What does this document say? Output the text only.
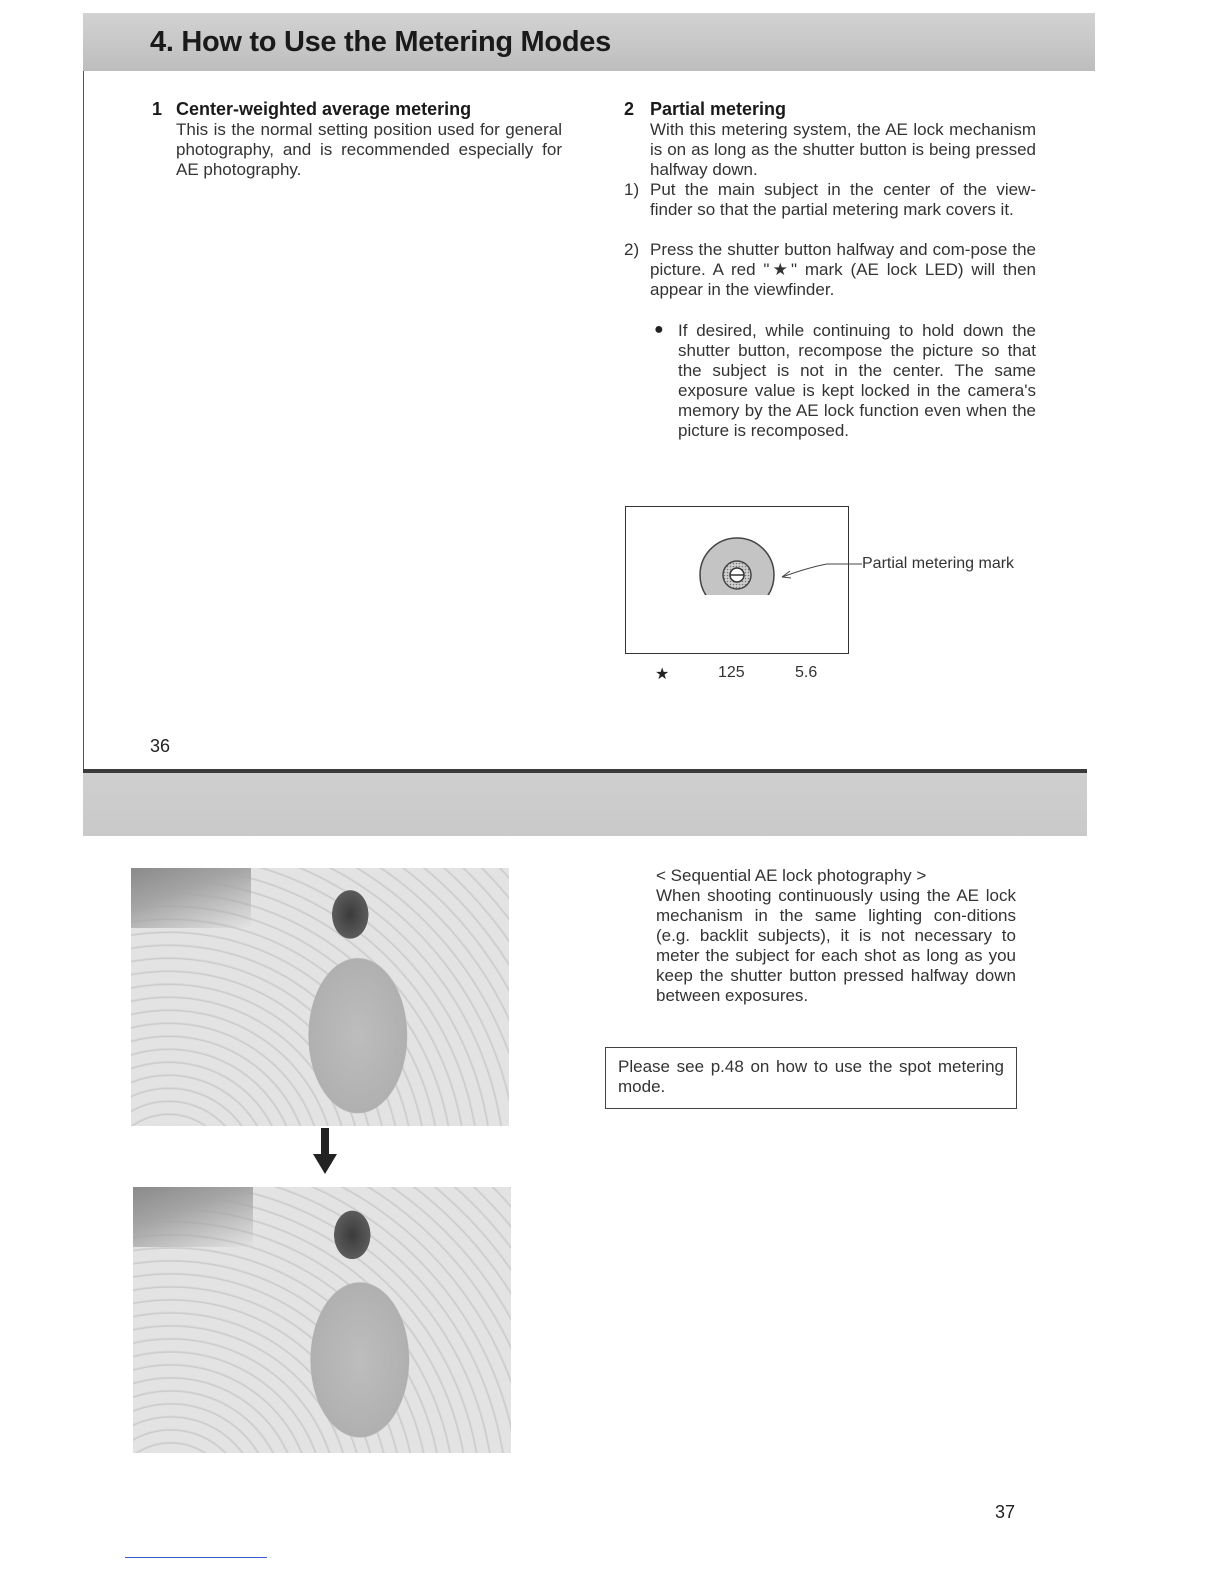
4. How to Use the Metering Modes
1 Center-weighted average metering

This is the normal setting position used for general photography, and is recommended especially for AE photography.

2 Partial metering

With this metering system, the AE lock mechanism is on as long as the shutter button is being pressed halfway down.

1) Put the main subject in the center of the view-finder so that the partial metering mark covers it.

2) Press the shutter button halfway and com-pose the picture. A red "★" mark (AE lock LED) will then appear in the viewfinder.

● If desired, while continuing to hold down the shutter button, recompose the picture so that the subject is not in the center. The same exposure value is kept locked in the camera's memory by the AE lock function even when the picture is recomposed.

Partial metering mark
★	125	5.6
36
< Sequential AE lock photography >

When shooting continuously using the AE lock mechanism in the same lighting con-ditions (e.g. backlit subjects), it is not necessary to meter the subject for each shot as long as you keep the shutter button pressed halfway down between exposures.

Please see p.48 on how to use the spot metering mode.

37
